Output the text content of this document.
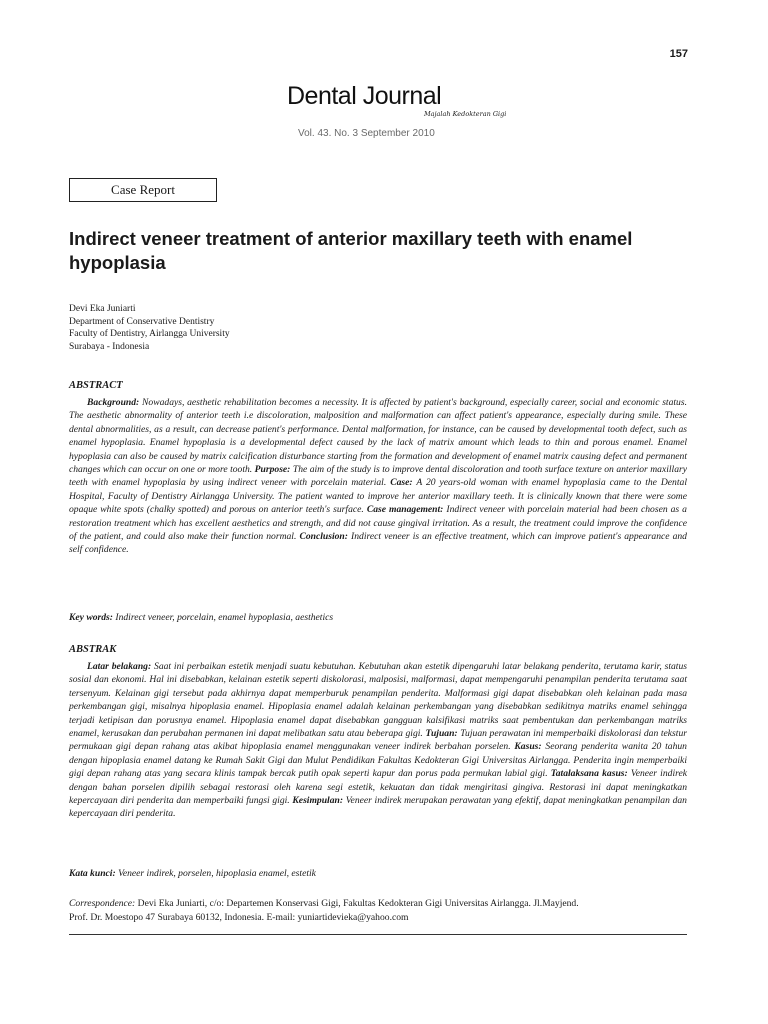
157
Dental Journal
Majalah Kedokteran Gigi
Vol. 43. No. 3 September 2010
Case Report
Indirect veneer treatment of anterior maxillary teeth with enamel hypoplasia
Devi Eka Juniarti
Department of Conservative Dentistry
Faculty of Dentistry, Airlangga University
Surabaya - Indonesia
ABSTRACT
Background: Nowadays, aesthetic rehabilitation becomes a necessity. It is affected by patient's background, especially career, social and economic status. The aesthetic abnormality of anterior teeth i.e discoloration, malposition and malformation can affect patient's appearance, especially during smile. These dental abnormalities, as a result, can decrease patient's performance. Dental malformation, for instance, can be caused by developmental tooth defect, such as enamel hypoplasia. Enamel hypoplasia is a developmental defect caused by the lack of matrix amount which leads to thin and porous enamel. Enamel hypoplasia can also be caused by matrix calcification disturbance starting from the formation and development of enamel matrix causing defect and permanent changes which can occur on one or more tooth. Purpose: The aim of the study is to improve dental discoloration and tooth surface texture on anterior maxillary teeth with enamel hypoplasia by using indirect veneer with porcelain material. Case: A 20 years-old woman with enamel hypoplasia came to the Dental Hospital, Faculty of Dentistry Airlangga University. The patient wanted to improve her anterior maxillary teeth. It is clinically known that there were some opaque white spots (chalky spotted) and porous on anterior teeth's surface. Case management: Indirect veneer with porcelain material had been chosen as a restoration treatment which has excellent aesthetics and strength, and did not cause gingival irritation. As a result, the treatment could improve the confidence of the patient, and could also make their function normal. Conclusion: Indirect veneer is an effective treatment, which can improve patient's appearance and self confidence.
Key words: Indirect veneer, porcelain, enamel hypoplasia, aesthetics
ABSTRAK
Latar belakang: Saat ini perbaikan estetik menjadi suatu kebutuhan. Kebutuhan akan estetik dipengaruhi latar belakang penderita, terutama karir, status sosial dan ekonomi. Hal ini disebabkan, kelainan estetik seperti diskolorasi, malposisi, malformasi, dapat mempengaruhi penampilan penderita terutama saat tersenyum. Kelainan gigi tersebut pada akhirnya dapat memperburuk penampilan penderita. Malformasi gigi dapat disebabkan oleh kelainan pada masa perkembangan gigi, misalnya hipoplasia enamel. Hipoplasia enamel adalah kelainan perkembangan yang disebabkan sedikitnya matriks enamel sehingga terjadi ketipisan dan porusnya enamel. Hipoplasia enamel dapat disebabkan gangguan kalsifikasi matriks saat pembentukan dan perkembangan matriks enamel, kerusakan dan perubahan permanen ini dapat melibatkan satu atau beberapa gigi. Tujuan: Tujuan perawatan ini memperbaiki diskolorasi dan tekstur permukaan gigi depan rahang atas akibat hipoplasia enamel menggunakan veneer indirek berbahan porselen. Kasus: Seorang penderita wanita 20 tahun dengan hipoplasia enamel datang ke Rumah Sakit Gigi dan Mulut Pendidikan Fakultas Kedokteran Gigi Universitas Airlangga. Penderita ingin memperbaiki gigi depan rahang atas yang secara klinis tampak bercak putih opak seperti kapur dan porus pada permukan labial gigi. Tatalaksana kasus: Veneer indirek dengan bahan porselen dipilih sebagai restorasi oleh karena segi estetik, kekuatan dan tidak mengiritasi gingiva. Restorasi ini dapat meningkatkan kepercayaan diri penderita dan memperbaiki fungsi gigi. Kesimpulan: Veneer indirek merupakan perawatan yang efektif, dapat meningkatkan penampilan dan kepercayaan diri penderita.
Kata kunci: Veneer indirek, porselen, hipoplasia enamel, estetik
Correspondence: Devi Eka Juniarti, c/o: Departemen Konservasi Gigi, Fakultas Kedokteran Gigi Universitas Airlangga. Jl.Mayjend.
Prof. Dr. Moestopo 47 Surabaya 60132, Indonesia. E-mail: yuniartidevieka@yahoo.com
